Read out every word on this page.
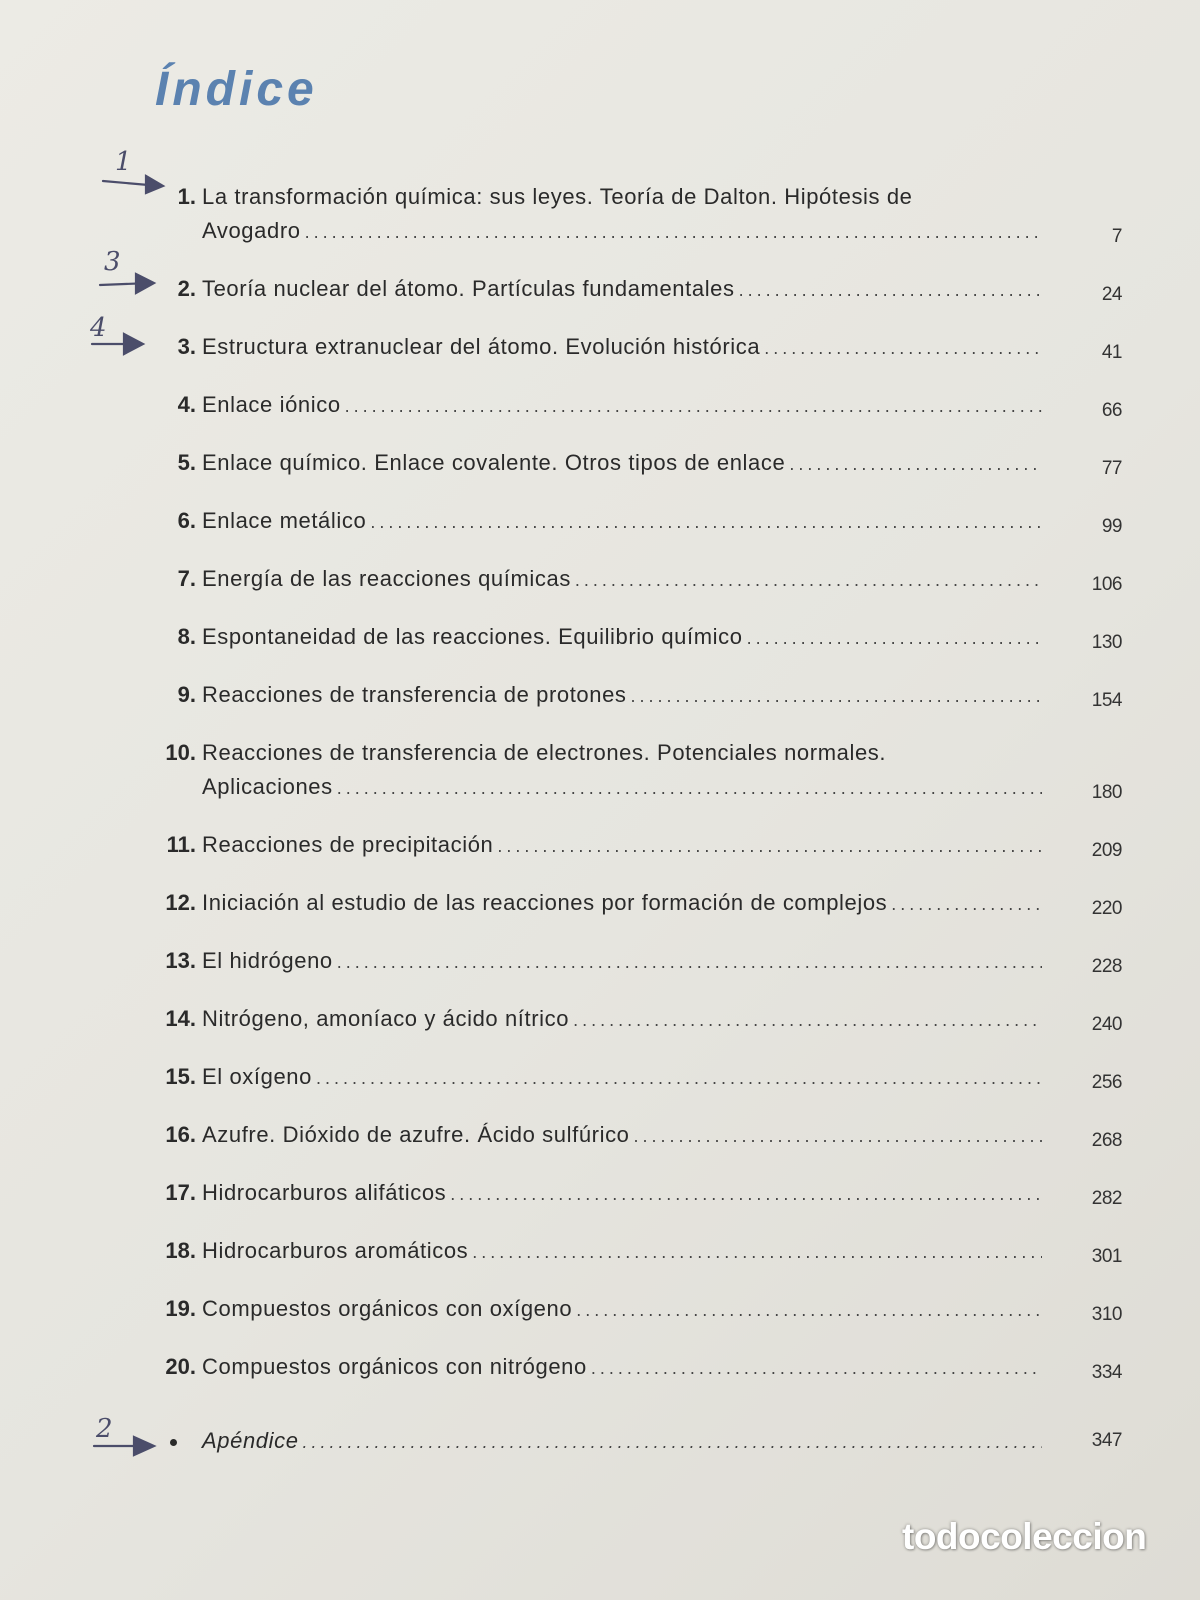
Índice
1. La transformación química: sus leyes. Teoría de Dalton. Hipótesis de
Avogadro .....	7
2. Teoría nuclear del átomo. Partículas fundamentales .....	24
3. Estructura extranuclear del átomo. Evolución histórica .....	41
4. Enlace iónico .....	66
5. Enlace químico. Enlace covalente. Otros tipos de enlace .....	77
6. Enlace metálico .....	99
7. Energía de las reacciones químicas .....	106
8. Espontaneidad de las reacciones. Equilibrio químico .....	130
9. Reacciones de transferencia de protones .....	154
10. Reacciones de transferencia de electrones. Potenciales normales.
Aplicaciones .....	180
11. Reacciones de precipitación .....	209
12. Iniciación al estudio de las reacciones por formación de complejos .....	220
13. El hidrógeno .....	228
14. Nitrógeno, amoníaco y ácido nítrico .....	240
15. El oxígeno .....	256
16. Azufre. Dióxido de azufre. Ácido sulfúrico .....	268
17. Hidrocarburos alifáticos .....	282
18. Hidrocarburos aromáticos .....	301
19. Compuestos orgánicos con oxígeno .....	310
20. Compuestos orgánicos con nitrógeno .....	334
Apéndice .....	347
1
3
4
2
todocoleccion
